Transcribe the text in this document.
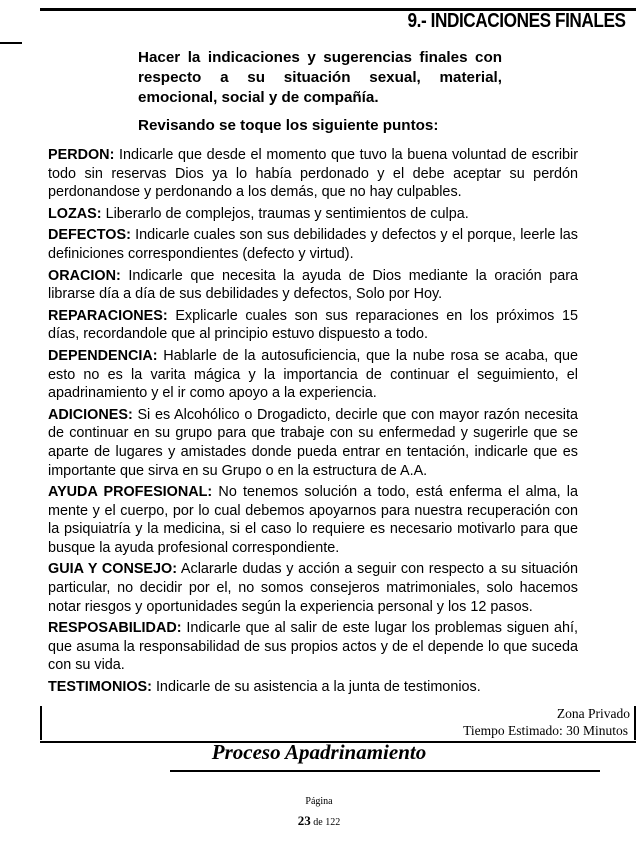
9.- INDICACIONES FINALES
Hacer la indicaciones y sugerencias finales con respecto a su situación sexual, material, emocional, social y de compañía.
Revisando se toque los siguiente puntos:

PERDON: Indicarle que desde el momento que tuvo la buena voluntad de escribir todo sin reservas Dios ya lo había perdonado y el debe aceptar su perdón perdonandose y perdonando a los demás, que no hay culpables.

LOZAS: Liberarlo de complejos, traumas y sentimientos de culpa.

DEFECTOS: Indicarle cuales son sus debilidades y defectos y el porque, leerle las definiciones correspondientes (defecto y virtud).

ORACION: Indicarle que necesita la ayuda de Dios mediante la oración para librarse día a día de sus debilidades y defectos, Solo por Hoy.

REPARACIONES: Explicarle cuales son sus reparaciones en los próximos 15 días, recordandole que al principio estuvo dispuesto a todo.

DEPENDENCIA: Hablarle de la autosuficiencia, que la nube rosa se acaba, que esto no es la varita mágica y la importancia de continuar el seguimiento, el apadrinamiento y el ir como apoyo a la experiencia.

ADICIONES: Si es Alcohólico o Drogadicto, decirle que con mayor razón necesita de continuar en su grupo para que trabaje con su enfermedad y sugerirle que se aparte de lugares y amistades donde pueda entrar en tentación, indicarle que es importante que sirva en su Grupo o en la estructura de A.A.

AYUDA PROFESIONAL: No tenemos solución a todo, está enferma el alma, la mente y el cuerpo, por lo cual debemos apoyarnos para nuestra recuperación con la psiquiatría y la medicina, si el caso lo requiere es necesario motivarlo para que busque la ayuda profesional correspondiente.

GUIA Y CONSEJO: Aclararle dudas y acción a seguir con respecto a su situación particular, no decidir por el, no somos consejeros matrimoniales, solo hacemos notar riesgos y oportunidades según la experiencia personal y los 12 pasos.

RESPOSABILIDAD: Indicarle que al salir de este lugar los problemas siguen ahí, que asuma la responsabilidad de sus propios actos y de el depende lo que suceda con su vida.

TESTIMONIOS: Indicarle de su asistencia a la junta de testimonios.

Zona Privado
Tiempo Estimado: 30 Minutos
Proceso Apadrinamiento
Página
23 de 122
